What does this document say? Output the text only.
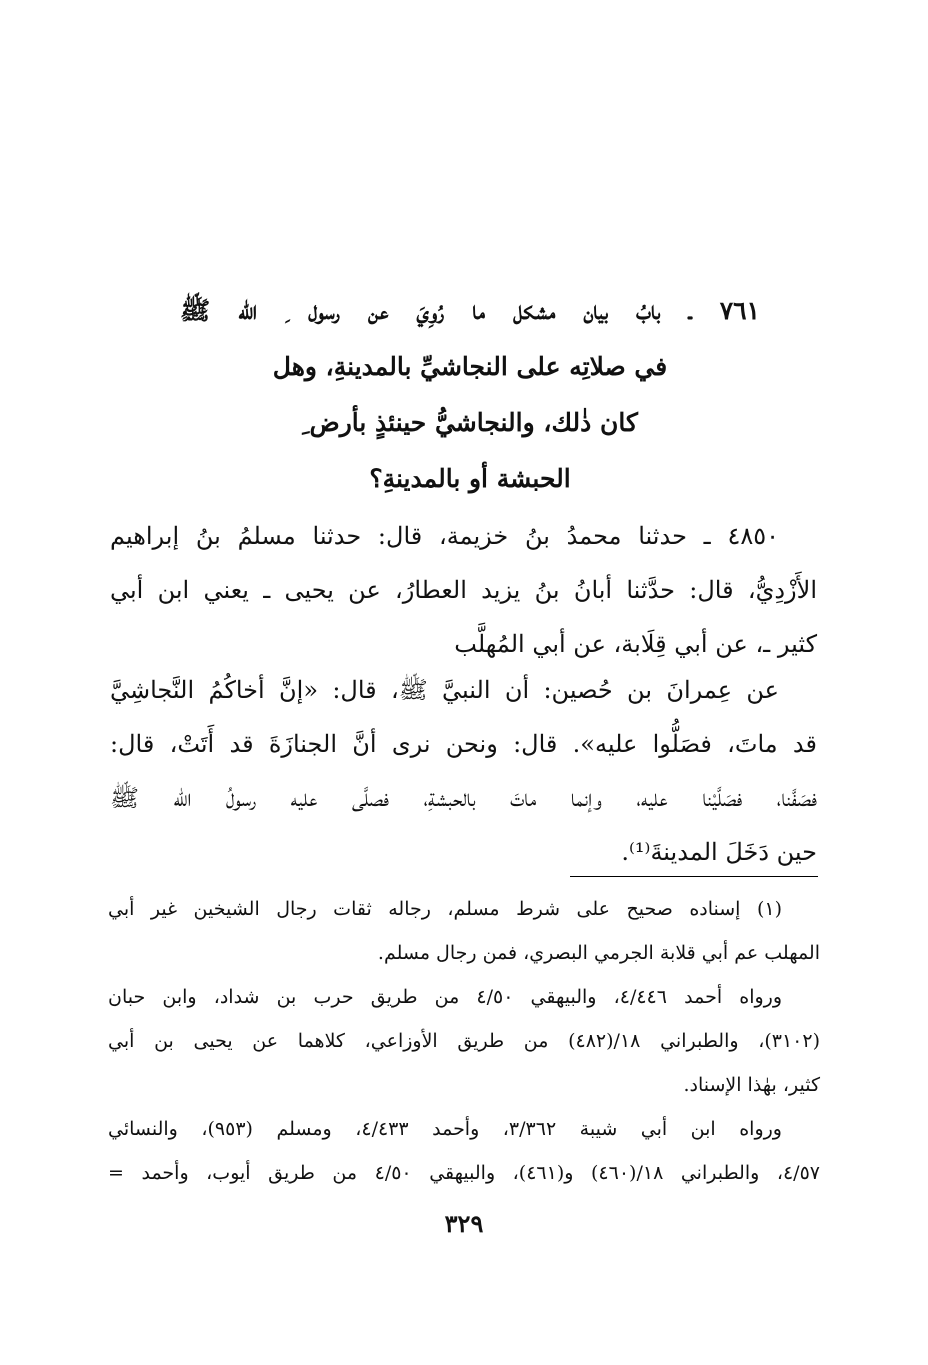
٧٦١ ـ بابُ بيان مشكل ما رُوِيَ عن رسول ِ الله ﷺ
في صلاتِه على النجاشيِّ بالمدينةِ، وهل
كان ذٰلك، والنجاشيُّ حينئذٍ بأرض ِ
الحبشة أو بالمدينةِ؟
٤٨٥٠ ـ حدثنا محمدُ بنُ خزيمة، قال: حدثنا مسلمُ بنُ إبراهيم
الأَزْدِيُّ، قال: حدَّثنا أبانُ بنُ يزيد العطارُ، عن يحيى ـ يعني ابن أبي
كثير ـ، عن أبي قِلَابة، عن أبي المُهلَّب
عن عِمرانَ بن حُصين: أن النبيَّ ﷺ، قال: «إنَّ أخاكُمُ النَّجاشِيَّ
قد ماتَ، فصَلُّوا عليه». قال: ونحن نرى أنَّ الجنازَةَ قد أَتَتْ، قال:
فصَفَّنا، فصَلَّيْنا عليه، وإنما ماتَ بالحبشةِ، فصلَّى عليه رسولُ الله ﷺ
حين دَخَلَ المدينةَ⁽¹⁾.
(١) إسناده صحيح على شرط مسلم، رجاله ثقات رجال الشيخين غير أبي
المهلب عم أبي قلابة الجرمي البصري، فمن رجال مسلم.
ورواه أحمد ٤/٤٤٦، والبيهقي ٤/٥٠ من طريق حرب بن شداد، وابن حبان
(٣١٠٢)، والطبراني ١٨/(٤٨٢) من طريق الأوزاعي، كلاهما عن يحيى بن أبي
كثير، بهٰذا الإسناد.
ورواه ابن أبي شيبة ٣/٣٦٢، وأحمد ٤/٤٣٣، ومسلم (٩٥٣)، والنسائي
٤/٥٧، والطبراني ١٨/(٤٦٠) و(٤٦١)، والبيهقي ٤/٥٠ من طريق أيوب، وأحمد =
٣٢٩
